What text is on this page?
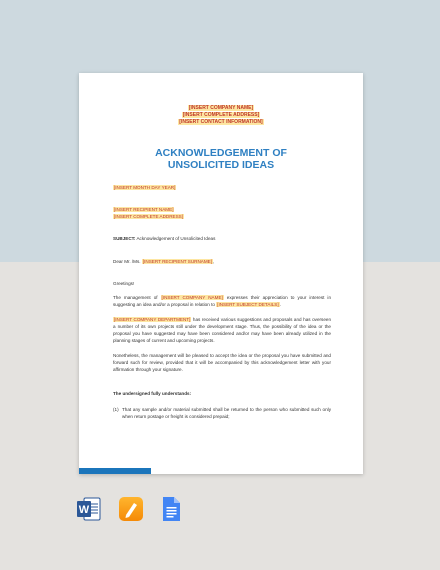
[INSERT COMPANY NAME]
[INSERT COMPLETE ADDRESS]
[INSERT CONTACT INFORMATION]
ACKNOWLEDGEMENT OF
UNSOLICITED IDEAS
[INSERT MONTH DAY YEAR]
[INSERT RECIPIENT NAME]
[INSERT COMPLETE ADDRESS]
SUBJECT: Acknowledgement of Unsolicited Ideas
Dear Mr. /Ms. [INSERT RECIPIENT SURNAME],
Greetings!
The management of [INSERT COMPANY NAME] expresses their appreciation to your interest in suggesting an idea and/or a proposal in relation to [INSERT SUBJECT DETAILS].
[INSERT COMPANY DEPARTMENT] has received various suggestions and proposals and has overseen a number of its own projects still under the development stage. Thus, the possibility of the idea or the proposal you have suggested may have been considered and/or may have been already utilized in the planning stages of current and upcoming projects.
Nonetheless, the management will be pleased to accept the idea or the proposal you have submitted and forward such for review, provided that it will be accompanied by this acknowledgement letter with your affirmation through your signature.
The undersigned fully understands:
(1) That any sample and/or material submitted shall be returned to the person who submitted such only when return postage or freight is considered prepaid;
W
